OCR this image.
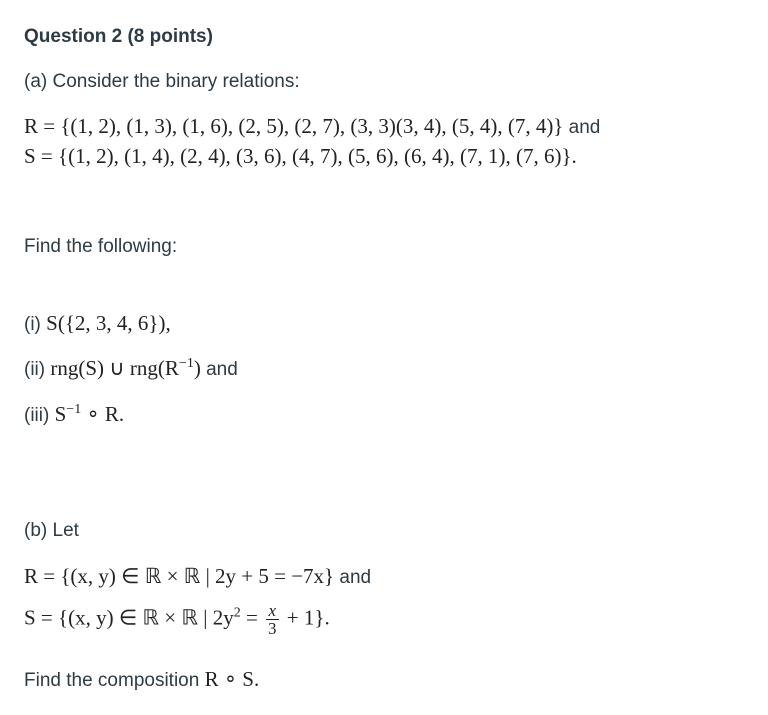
Question 2 (8 points)
(a) Consider the binary relations:
R = {(1, 2), (1, 3), (1, 6), (2, 5), (2, 7), (3, 3)(3, 4), (5, 4), (7, 4)} and
S = {(1, 2), (1, 4), (2, 4), (3, 6), (4, 7), (5, 6), (6, 4), (7, 1), (7, 6)}.
Find the following:
(i) S({2, 3, 4, 6}),
(ii) rng(S) ∪ $rng(R^{-1})$ and
(iii) $S^{-1}$ ∘ R.
(b) Let
R = {(x, y) ∈ ℝ × ℝ | 2y + 5 = −7x} and
S = {(x, y) ∈ ℝ × ℝ | $2y^2 = \frac{x}{3} + 1$}.
Find the composition R ∘ S.
